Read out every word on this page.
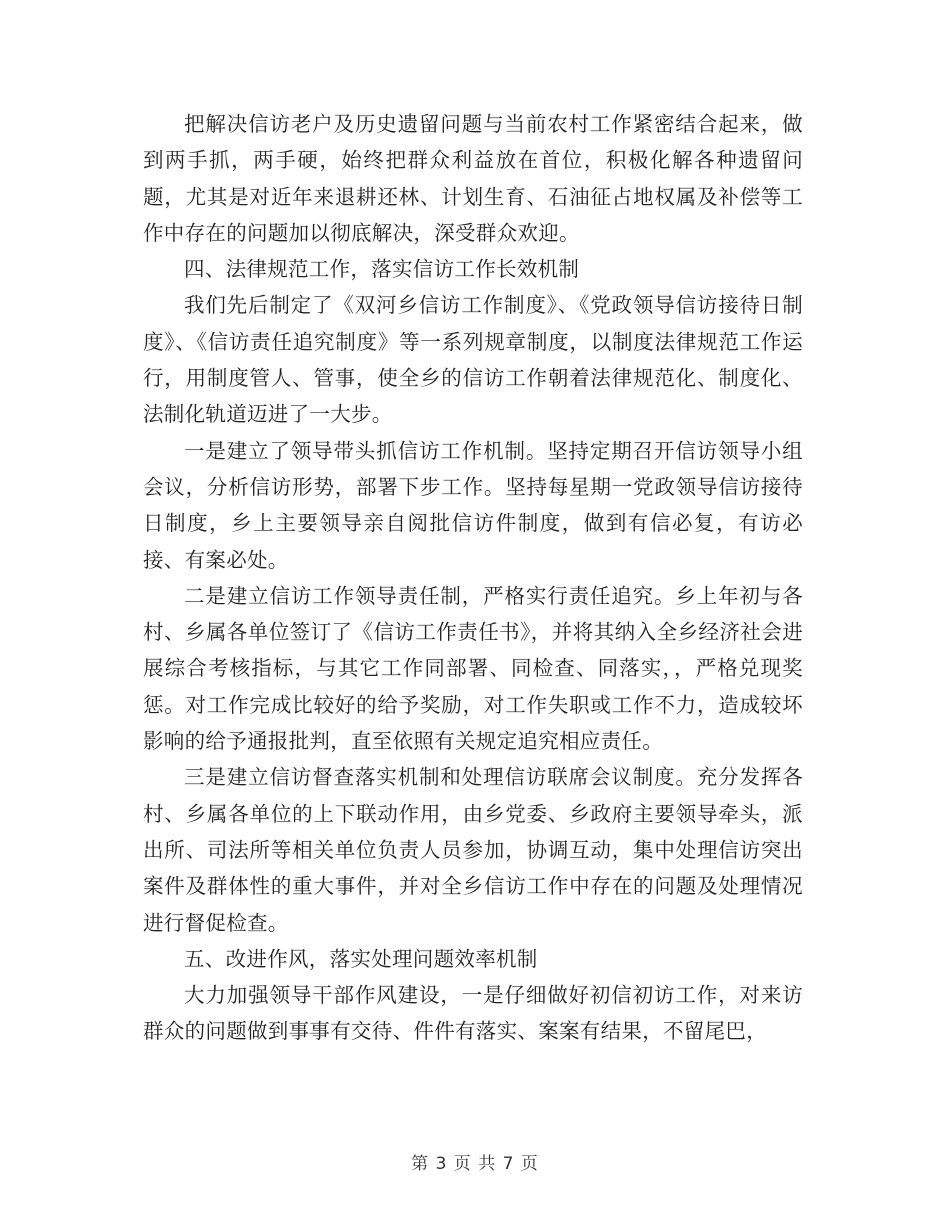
把解决信访老户及历史遗留问题与当前农村工作紧密结合起来，做到两手抓，两手硬，始终把群众利益放在首位，积极化解各种遗留问题，尤其是对近年来退耕还林、计划生育、石油征占地权属及补偿等工作中存在的问题加以彻底解决，深受群众欢迎。

四、法律规范工作，落实信访工作长效机制

我们先后制定了《双河乡信访工作制度》、《党政领导信访接待日制度》、《信访责任追究制度》等一系列规章制度，以制度法律规范工作运行，用制度管人、管事，使全乡的信访工作朝着法律规范化、制度化、法制化轨道迈进了一大步。

一是建立了领导带头抓信访工作机制。坚持定期召开信访领导小组会议，分析信访形势，部署下步工作。坚持每星期一党政领导信访接待日制度，乡上主要领导亲自阅批信访件制度，做到有信必复，有访必接、有案必处。

二是建立信访工作领导责任制，严格实行责任追究。乡上年初与各村、乡属各单位签订了《信访工作责任书》，并将其纳入全乡经济社会进展综合考核指标，与其它工作同部署、同检查、同落实，，严格兑现奖惩。对工作完成比较好的给予奖励，对工作失职或工作不力，造成较坏影响的给予通报批判，直至依照有关规定追究相应责任。

三是建立信访督查落实机制和处理信访联席会议制度。充分发挥各村、乡属各单位的上下联动作用，由乡党委、乡政府主要领导牵头，派出所、司法所等相关单位负责人员参加，协调互动，集中处理信访突出案件及群体性的重大事件，并对全乡信访工作中存在的问题及处理情况进行督促检查。

五、改进作风，落实处理问题效率机制

大力加强领导干部作风建设，一是仔细做好初信初访工作，对来访群众的问题做到事事有交待、件件有落实、案案有结果，不留尾巴，

第 3 页 共 7 页
